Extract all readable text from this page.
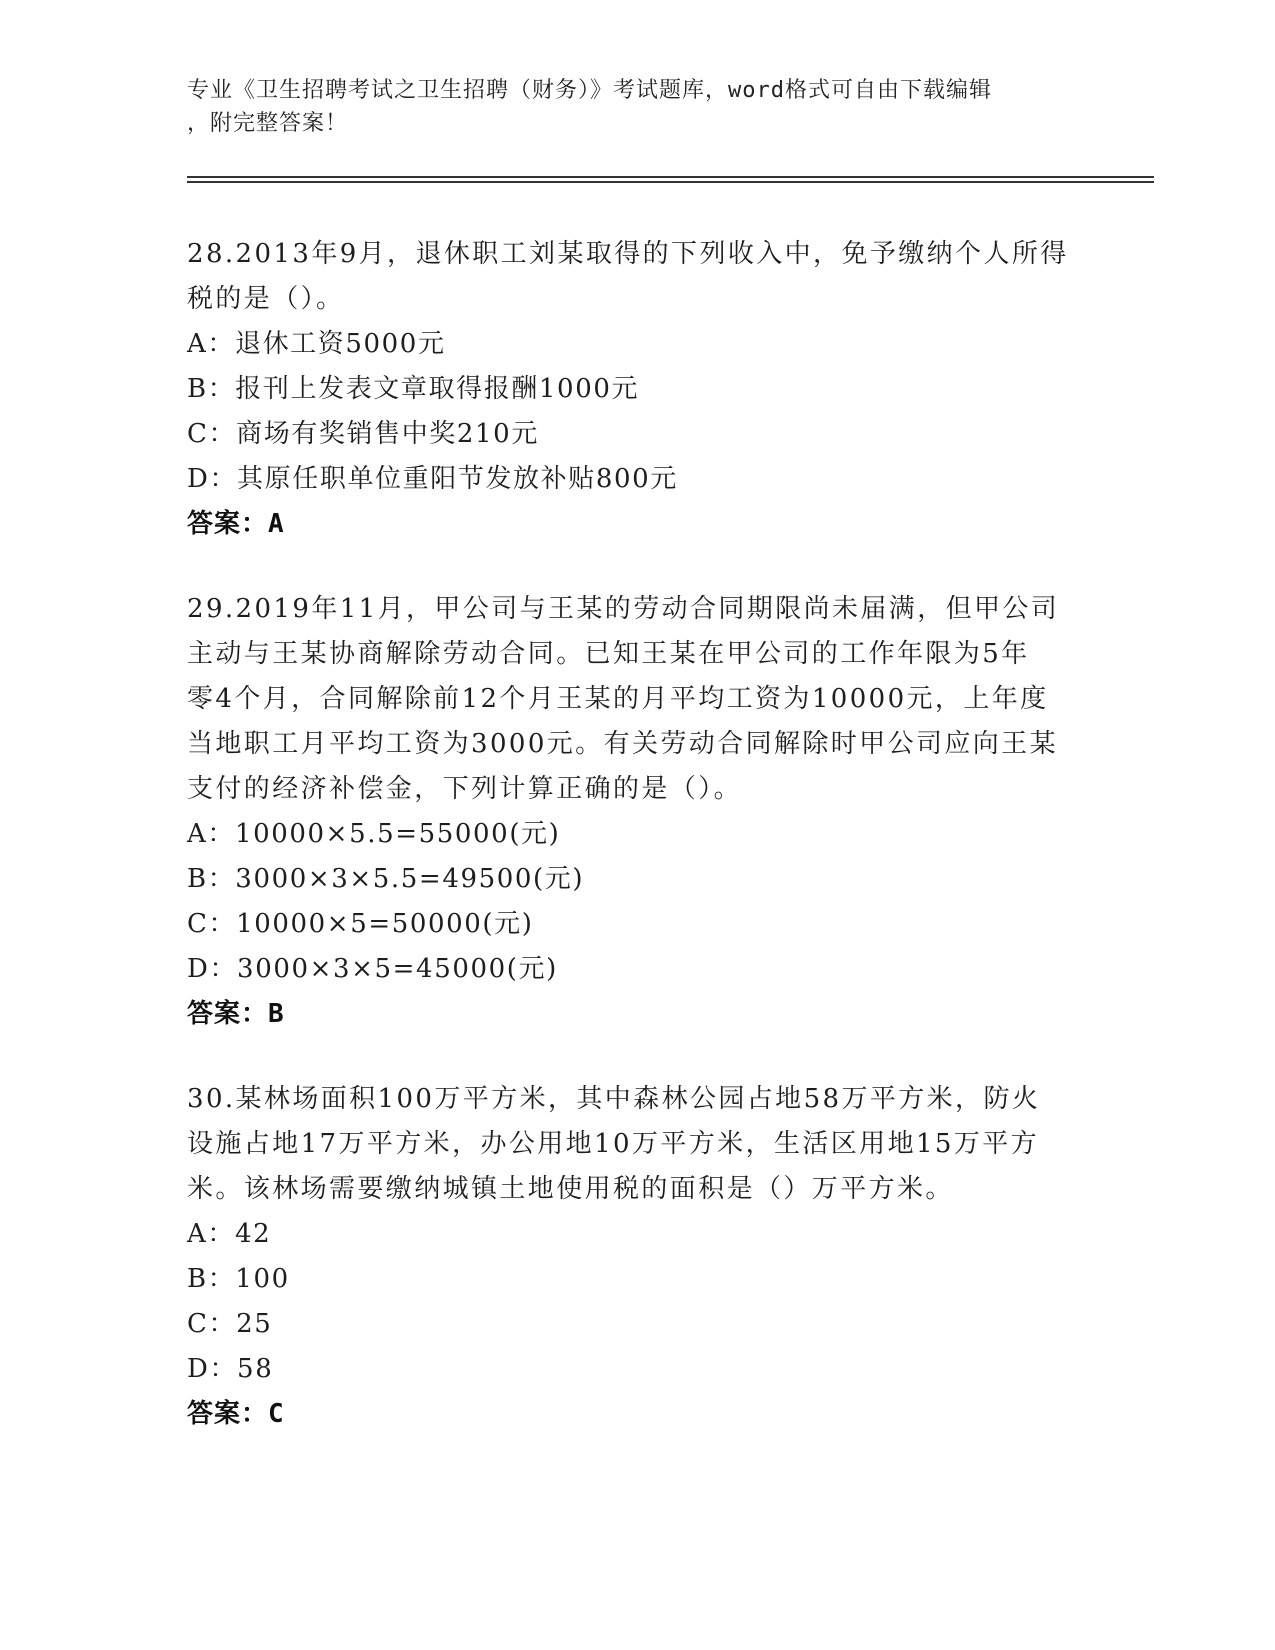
专业《卫生招聘考试之卫生招聘（财务）》考试题库，word格式可自由下载编辑
，附完整答案！
28.2013年9月，退休职工刘某取得的下列收入中，免予缴纳个人所得
税的是（）。
A：退休工资5000元
B：报刊上发表文章取得报酬1000元
C：商场有奖销售中奖210元
D：其原任职单位重阳节发放补贴800元
答案：A
29.2019年11月，甲公司与王某的劳动合同期限尚未届满，但甲公司
主动与王某协商解除劳动合同。已知王某在甲公司的工作年限为5年
零4个月，合同解除前12个月王某的月平均工资为10000元，上年度
当地职工月平均工资为3000元。有关劳动合同解除时甲公司应向王某
支付的经济补偿金，下列计算正确的是（）。
A：10000×5.5=55000(元)
B：3000×3×5.5=49500(元)
C：10000×5=50000(元)
D：3000×3×5=45000(元)
答案：B
30.某林场面积100万平方米，其中森林公园占地58万平方米，防火
设施占地17万平方米，办公用地10万平方米，生活区用地15万平方
米。该林场需要缴纳城镇土地使用税的面积是（）万平方米。
A：42
B：100
C：25
D：58
答案：C
